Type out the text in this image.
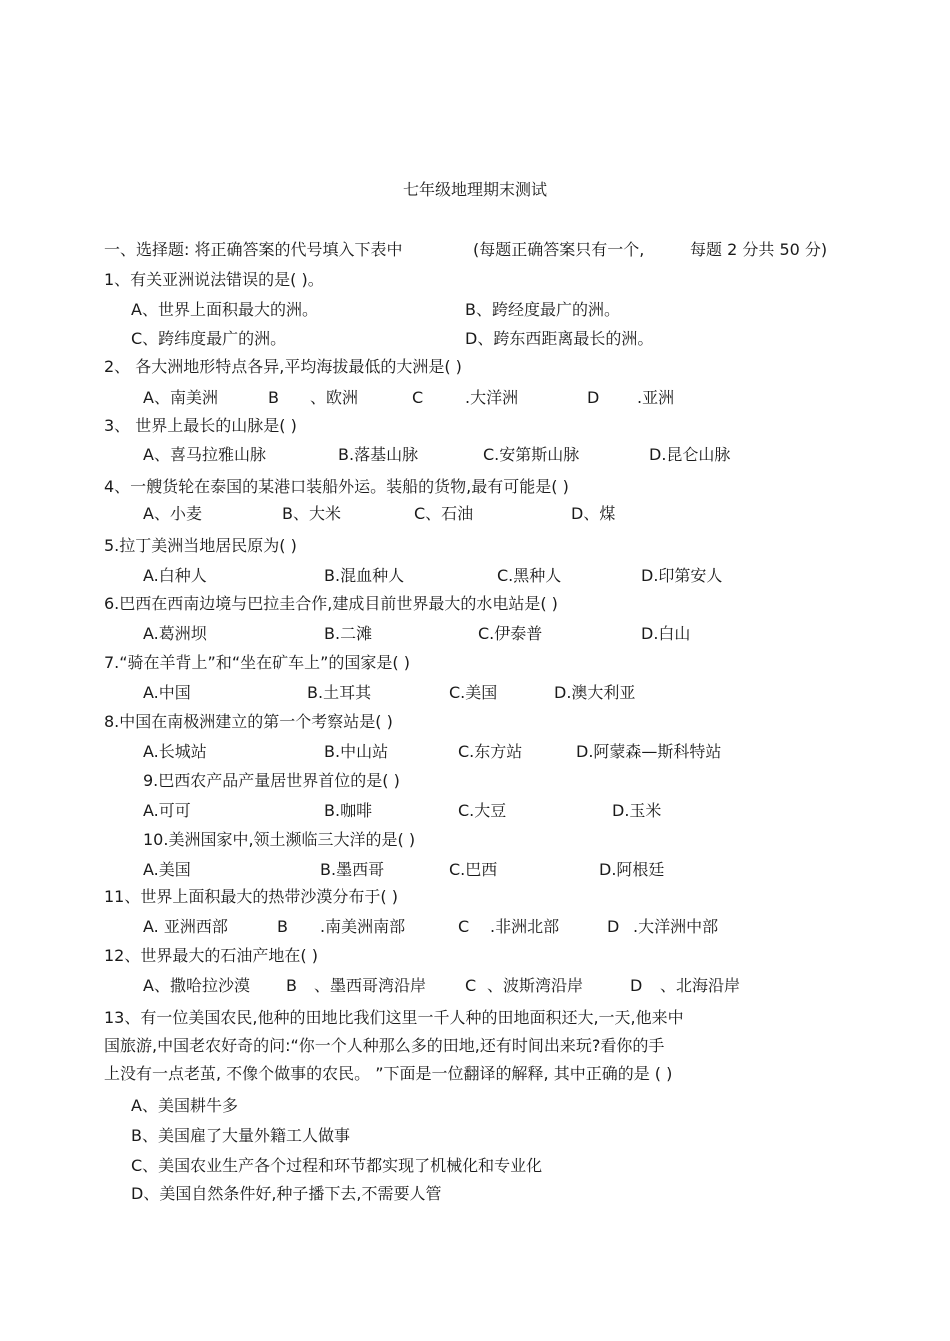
七年级地理期末测试
一、选择题: 将正确答案的代号填入下表中	(每题正确答案只有一个,	每题 2 分共 50 分)
1、有关亚洲说法错误的是( )。
A、世界上面积最大的洲。	B、跨经度最广的洲。
C、跨纬度最广的洲。	D、跨东西距离最长的洲。
2、 各大洲地形特点各异,平均海拔最低的大洲是( )
A、南美洲	B 、欧洲	C	.大洋洲	D .亚洲
3、 世界上最长的山脉是( )
A、喜马拉雅山脉	B.落基山脉	C.安第斯山脉	D.昆仑山脉
4、一艘货轮在泰国的某港口装船外运。装船的货物,最有可能是( )
A、小麦	B、大米	C、石油	D、煤
5.拉丁美洲当地居民原为( )
A.白种人	B.混血种人	C.黑种人	D.印第安人
6.巴西在西南边境与巴拉圭合作,建成目前世界最大的水电站是( )
A.葛洲坝	B.二滩	C.伊泰普	D.白山
7.“骑在羊背上”和“坐在矿车上”的国家是( )
A.中国	B.土耳其	C.美国	D.澳大利亚
8.中国在南极洲建立的第一个考察站是( )
A.长城站	B.中山站	C.东方站	D.阿蒙森—斯科特站
9.巴西农产品产量居世界首位的是( )
A.可可	B.咖啡	C.大豆	D.玉米
10.美洲国家中,领土濒临三大洋的是( )
A.美国	B.墨西哥	C.巴西	D.阿根廷
11、世界上面积最大的热带沙漠分布于( )
A. 亚洲西部	B .南美洲南部	C .非洲北部	D .大洋洲中部
12、世界最大的石油产地在( )
A、撒哈拉沙漠 B 、墨西哥湾沿岸 C 、波斯湾沿岸	D 、北海沿岸
13、有一位美国农民,他种的田地比我们这里一千人种的田地面积还大,一天,他来中
国旅游,中国老农好奇的问:“你一个人种那么多的田地,还有时间出来玩?看你的手
上没有一点老茧, 不像个做事的农民。 ”下面是一位翻译的解释, 其中正确的是 ( )
A、美国耕牛多
B、美国雇了大量外籍工人做事
C、美国农业生产各个过程和环节都实现了机械化和专业化
D、美国自然条件好,种子播下去,不需要人管
